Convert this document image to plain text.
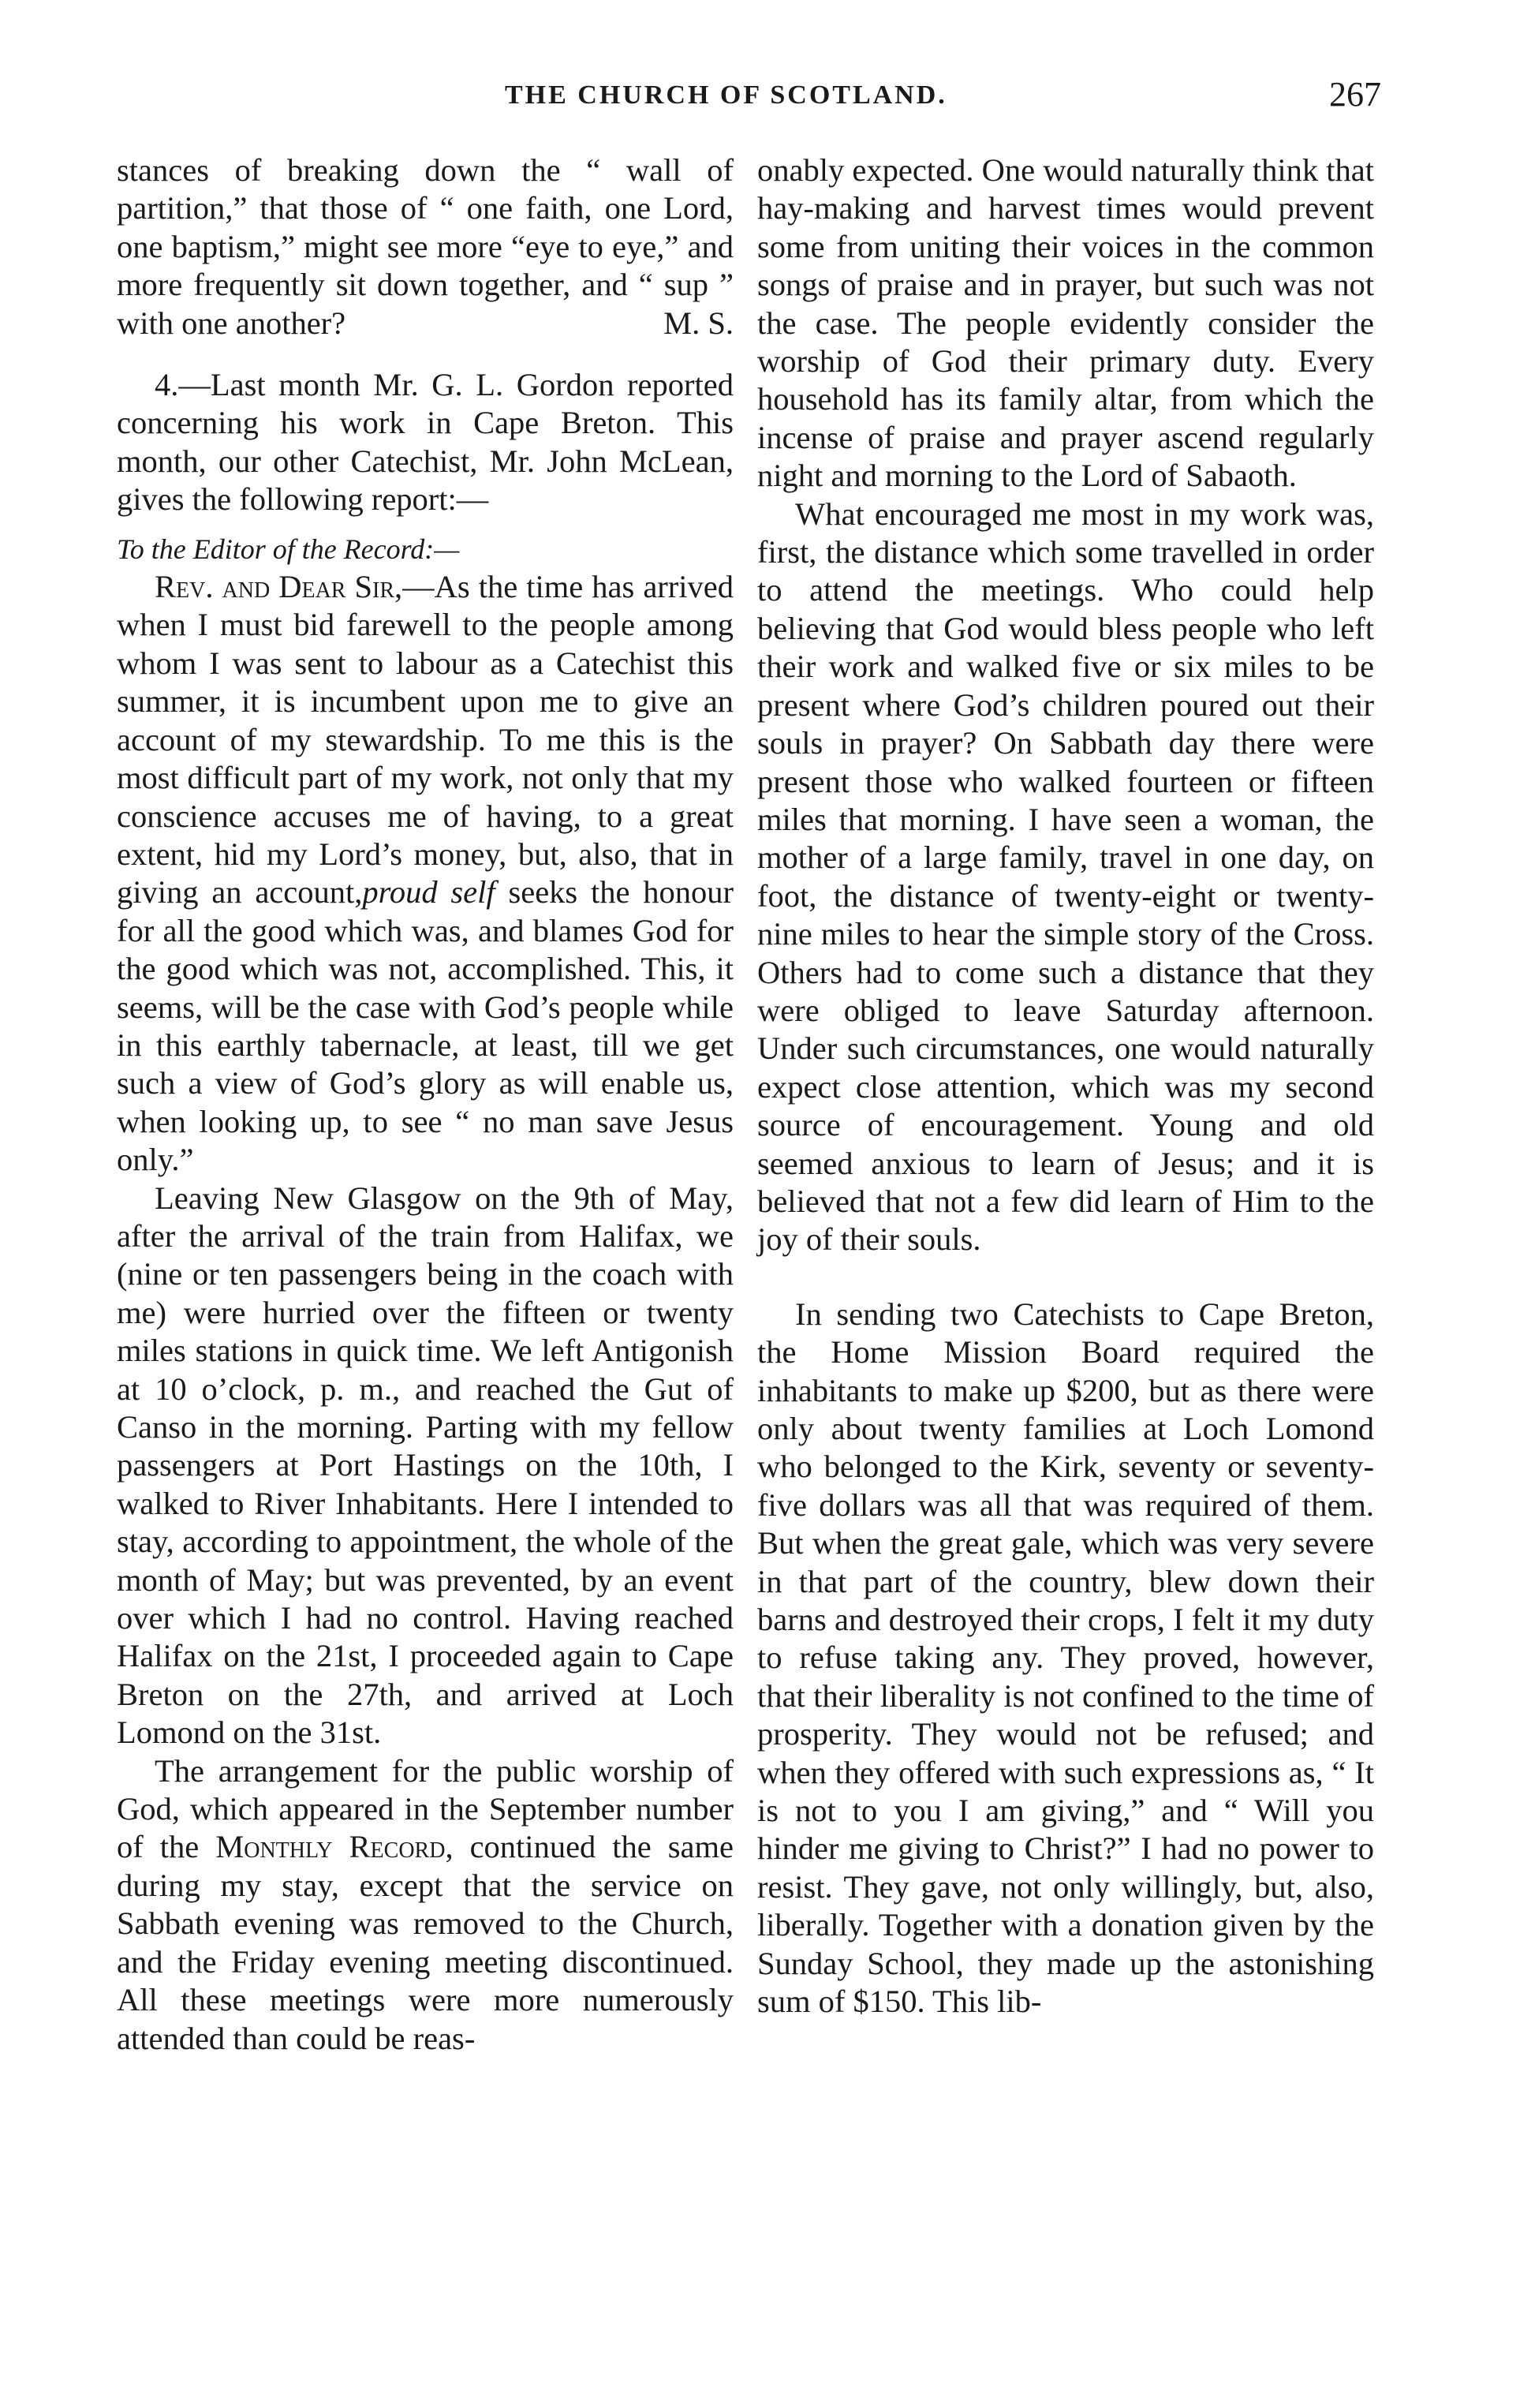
THE CHURCH OF SCOTLAND.	267

stances of breaking down the “ wall of partition,” that those of “ one faith, one Lord, one baptism,” might see more “eye to eye,” and more frequently sit down together, and “ sup ” with one another?	M. S.

4.—Last month Mr. G. L. Gordon reported concerning his work in Cape Breton. This month, our other Catechist, Mr. John McLean, gives the following report:—

To the Editor of the Record:—

Rev. and Dear Sir,—As the time has arrived when I must bid farewell to the people among whom I was sent to labour as a Catechist this summer, it is incumbent upon me to give an account of my stewardship. To me this is the most difficult part of my work, not only that my conscience accuses me of having, to a great extent, hid my Lord’s money, but, also, that in giving an account,proud self seeks the honour for all the good which was, and blames God for the good which was not, accomplished. This, it seems, will be the case with God’s people while in this earthly tabernacle, at least, till we get such a view of God’s glory as will enable us, when looking up, to see “ no man save Jesus only.”

Leaving New Glasgow on the 9th of May, after the arrival of the train from Halifax, we (nine or ten passengers being in the coach with me) were hurried over the fifteen or twenty miles stations in quick time. We left Antigonish at 10 o’clock, p. m., and reached the Gut of Canso in the morning. Parting with my fellow passengers at Port Hastings on the 10th, I walked to River Inhabitants. Here I intended to stay, according to appointment, the whole of the month of May; but was prevented, by an event over which I had no control. Having reached Halifax on the 21st, I proceeded again to Cape Breton on the 27th, and arrived at Loch Lomond on the 31st.

The arrangement for the public worship of God, which appeared in the September number of the Monthly Record, continued the same during my stay, except that the service on Sabbath evening was removed to the Church, and the Friday evening meeting discontinued. All these meetings were more numerously attended than could be reas-

onably expected. One would naturally think that hay-making and harvest times would prevent some from uniting their voices in the common songs of praise and in prayer, but such was not the case. The people evidently consider the worship of God their primary duty. Every household has its family altar, from which the incense of praise and prayer ascend regularly night and morning to the Lord of Sabaoth.

What encouraged me most in my work was, first, the distance which some travelled in order to attend the meetings. Who could help believing that God would bless people who left their work and walked five or six miles to be present where God’s children poured out their souls in prayer? On Sabbath day there were present those who walked fourteen or fifteen miles that morning. I have seen a woman, the mother of a large family, travel in one day, on foot, the distance of twenty-eight or twenty-nine miles to hear the simple story of the Cross. Others had to come such a distance that they were obliged to leave Saturday afternoon. Under such circumstances, one would naturally expect close attention, which was my second source of encouragement. Young and old seemed anxious to learn of Jesus; and it is believed that not a few did learn of Him to the joy of their souls.

In sending two Catechists to Cape Breton, the Home Mission Board required the inhabitants to make up $200, but as there were only about twenty families at Loch Lomond who belonged to the Kirk, seventy or seventy-five dollars was all that was required of them. But when the great gale, which was very severe in that part of the country, blew down their barns and destroyed their crops, I felt it my duty to refuse taking any. They proved, however, that their liberality is not confined to the time of prosperity. They would not be refused; and when they offered with such expressions as, “ It is not to you I am giving,” and “ Will you hinder me giving to Christ?” I had no power to resist. They gave, not only willingly, but, also, liberally. Together with a donation given by the Sunday School, they made up the astonishing sum of $150. This lib-
